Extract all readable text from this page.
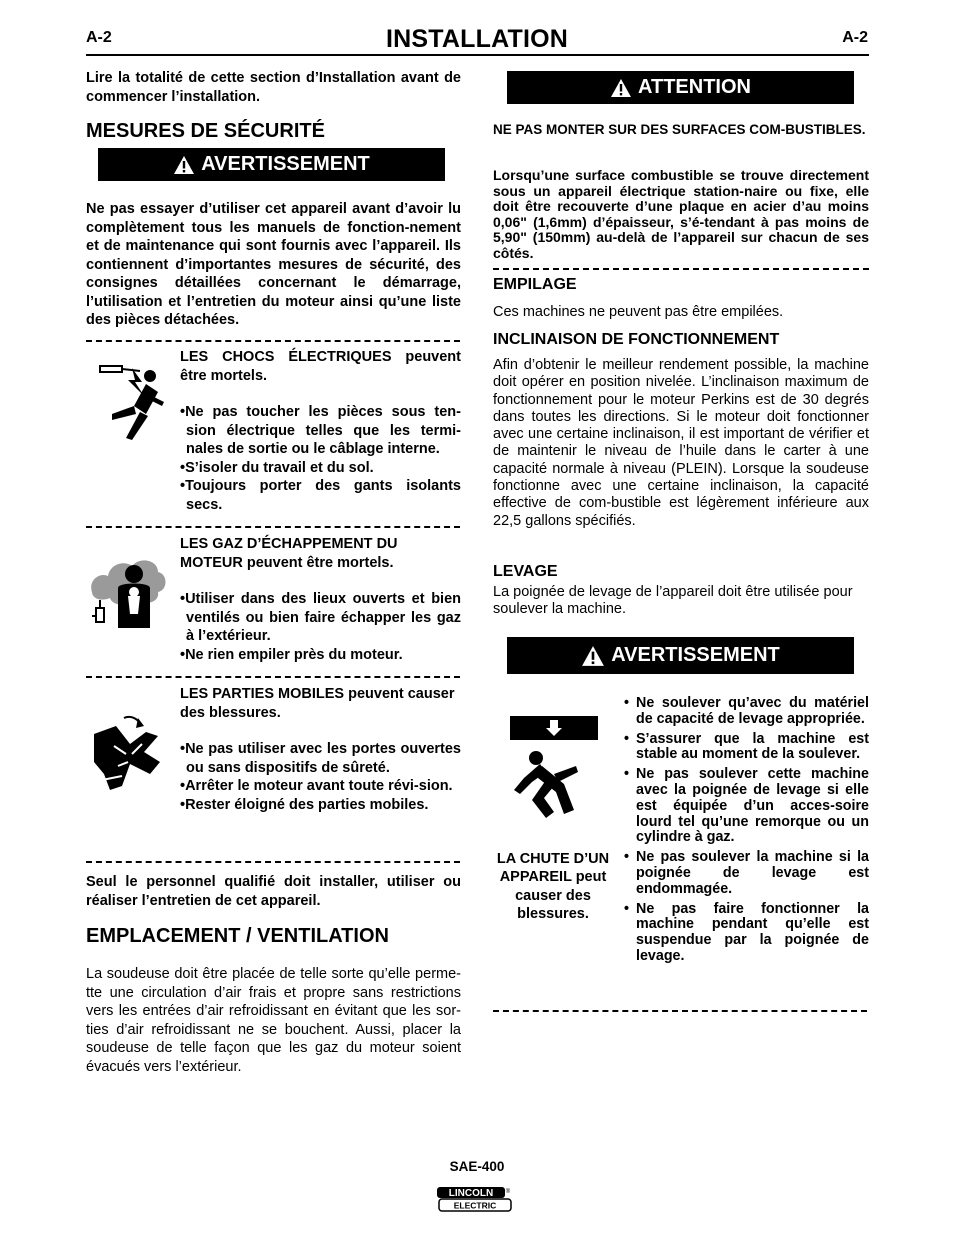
A-2	INSTALLATION	A-2
Lire la totalité de cette section d’Installation avant de commencer l’installation.
MESURES DE SÉCURITÉ
AVERTISSEMENT
Ne pas essayer d’utiliser cet appareil avant d’avoir lu complètement tous les manuels de fonction-nement et de maintenance qui sont fournis avec l’appareil. Ils contiennent d’importantes mesures de sécurité, des consignes détaillées concernant le démarrage, l’utilisation et l’entretien du moteur ainsi qu’une liste des pièces détachées.

LES CHOCS ÉLECTRIQUES peuvent être mortels.

•Ne pas toucher les pièces sous ten-sion électrique telles que les termi-nales de sortie ou le câblage interne.

•S’isoler du travail et du sol.

•Toujours porter des gants isolants secs.

LES GAZ D’ÉCHAPPEMENT DU MOTEUR peuvent être mortels.

•Utiliser dans des lieux ouverts et bien ventilés ou bien faire échapper les gaz à l’extérieur.

•Ne rien empiler près du moteur.

LES PARTIES MOBILES peuvent causer des blessures.

•Ne pas utiliser avec les portes ouvertes ou sans dispositifs de sûreté.

•Arrêter le moteur avant toute révi-sion.

•Rester éloigné des parties mobiles.

Seul le personnel qualifié doit installer, utiliser ou réaliser l’entretien de cet appareil.
EMPLACEMENT / VENTILATION
La soudeuse doit être placée de telle sorte qu’elle perme-tte une circulation d’air frais et propre sans restrictions vers les entrées d’air refroidissant en évitant que les sor-ties d’air refroidissant ne se bouchent. Aussi, placer la soudeuse de telle façon que les gaz du moteur soient évacués vers l’extérieur.
ATTENTION
NE PAS MONTER SUR DES SURFACES COM-BUSTIBLES.
Lorsqu’une surface combustible se trouve directement sous un appareil électrique station-naire ou fixe, elle doit être recouverte d’une plaque en acier d’au moins 0,06" (1,6mm) d’épaisseur, s’é-tendant à pas moins de 5,90" (150mm) au-delà de l’appareil sur chacun de ses côtés.
EMPILAGE
Ces machines ne peuvent pas être empilées.
INCLINAISON DE FONCTIONNEMENT
Afin d’obtenir le meilleur rendement possible, la machine doit opérer en position nivelée. L’inclinaison maximum de fonctionnement pour le moteur Perkins est de 30 degrés dans toutes les directions. Si le moteur doit fonctionner avec une certaine inclinaison, il est important de vérifier et de maintenir le niveau de l’huile dans le carter à une capacité normale à niveau (PLEIN). Lorsque la soudeuse fonctionne avec une certaine inclinaison, la capacité effective de com-bustible est légèrement inférieure aux 22,5 gallons spécifiés.
LEVAGE
La poignée de levage de l’appareil doit être utilisée pour soulever la machine.
AVERTISSEMENT
LA CHUTE D’UN APPAREIL peut causer des blessures.
• Ne soulever qu’avec du matériel de capacité de levage appropriée.
• S’assurer que la machine est stable au moment de la soulever.
• Ne pas soulever cette machine avec la poignée de levage si elle est équipée d’un acces-soire lourd tel qu’une remorque ou un cylindre à gaz.
• Ne pas soulever la machine si la poignée de levage est endommagée.
• Ne pas faire fonctionner la machine pendant qu’elle est suspendue par la poignée de levage.
SAE-400
LINCOLN ®
ELECTRIC
